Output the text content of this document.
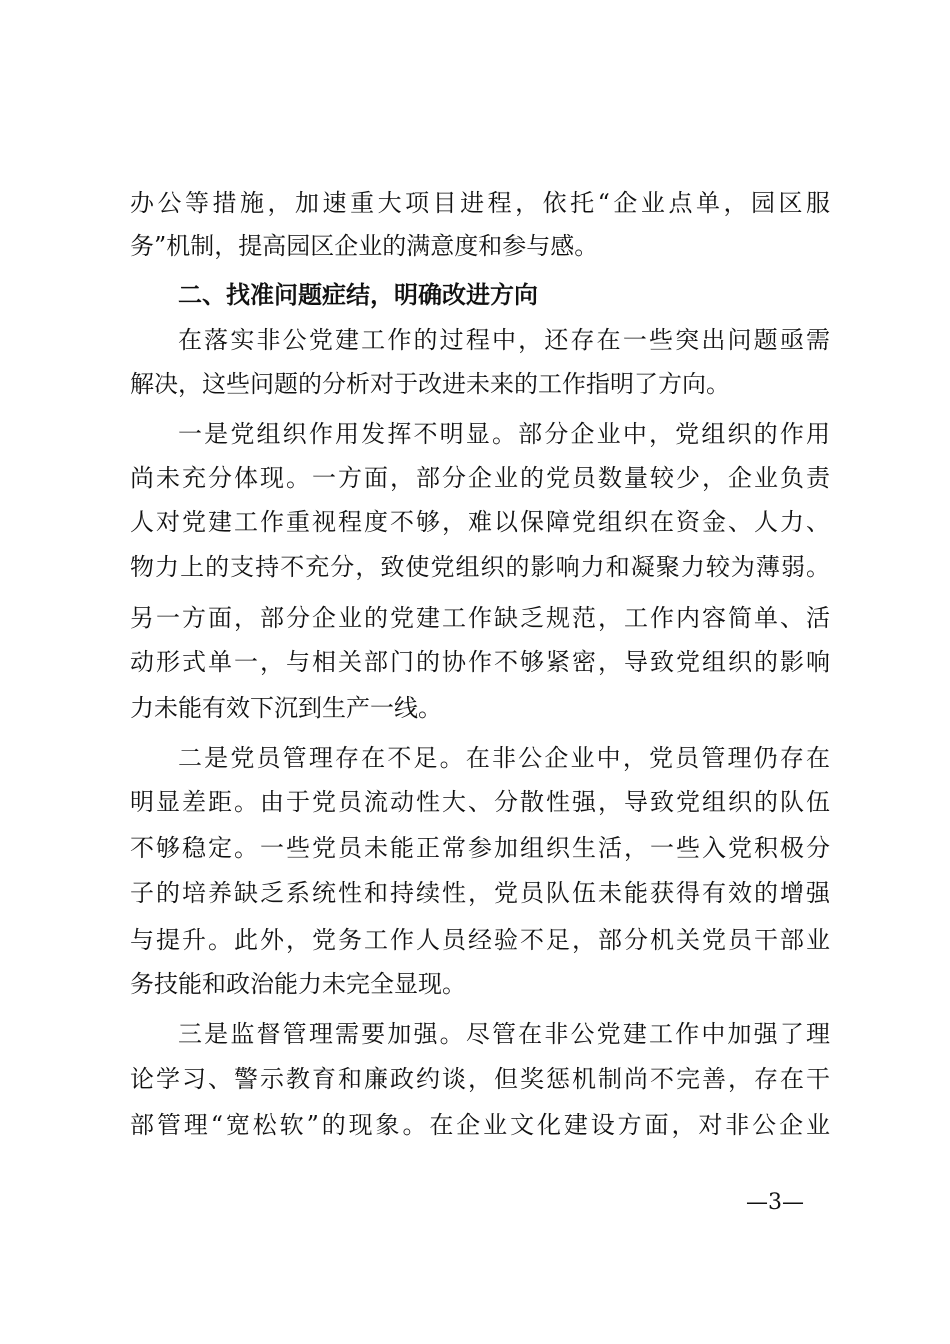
办公等措施，加速重大项目进程，依托“企业点单，园区服
务”机制，提高园区企业的满意度和参与感。
二、找准问题症结，明确改进方向
在落实非公党建工作的过程中，还存在一些突出问题亟需
解决，这些问题的分析对于改进未来的工作指明了方向。
一是党组织作用发挥不明显。部分企业中，党组织的作用
尚未充分体现。一方面，部分企业的党员数量较少，企业负责
人对党建工作重视程度不够，难以保障党组织在资金、人力、
物力上的支持不充分，致使党组织的影响力和凝聚力较为薄弱。
另一方面，部分企业的党建工作缺乏规范，工作内容简单、活
动形式单一，与相关部门的协作不够紧密，导致党组织的影响
力未能有效下沉到生产一线。
二是党员管理存在不足。在非公企业中，党员管理仍存在
明显差距。由于党员流动性大、分散性强，导致党组织的队伍
不够稳定。一些党员未能正常参加组织生活，一些入党积极分
子的培养缺乏系统性和持续性，党员队伍未能获得有效的增强
与提升。此外，党务工作人员经验不足，部分机关党员干部业
务技能和政治能力未完全显现。
三是监督管理需要加强。尽管在非公党建工作中加强了理
论学习、警示教育和廉政约谈，但奖惩机制尚不完善，存在干
部管理“宽松软”的现象。在企业文化建设方面，对非公企业
—3—
